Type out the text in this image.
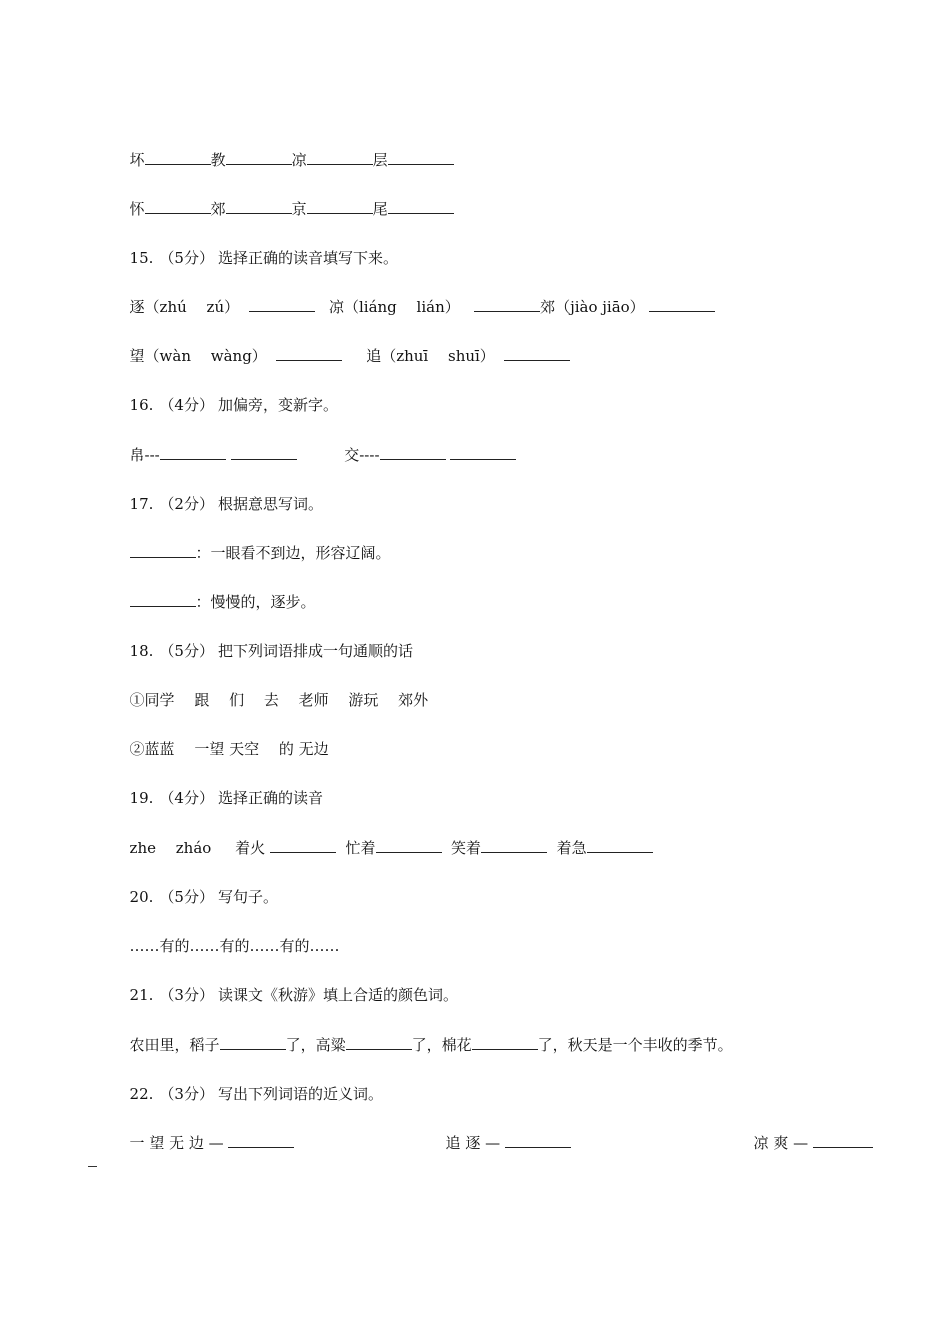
坏	教	凉	层

怀	郊	京	尾

15. （5分） 选择正确的读音填写下来。

逐（zhú　 zú）	凉（liáng　 lián）	郊（jiào jiāo）

望（wàn　 wàng）	追（zhuī　 shuī）

16. （4分） 加偏旁，变新字。

帛---	交----

17. （2分） 根据意思写词。

：一眼看不到边，形容辽阔。

：慢慢的，逐步。

18. （5分） 把下列词语排成一句通顺的话

①同学　 跟　 们　 去　 老师　 游玩　 郊外

②蓝蓝　 一望 天空　 的 无边

19. （4分） 选择正确的读音

zhe　 zháo 着火	忙着	笑着	着急

20. （5分） 写句子。

……有的……有的……有的……

21. （3分） 读课文《秋游》填上合适的颜色词。

农田里，稻子	了，高粱	了，棉花	了，秋天是一个丰收的季节。

22. （3分） 写出下列词语的近义词。

一 望 无 边 —	追 逐 —	凉 爽 —
